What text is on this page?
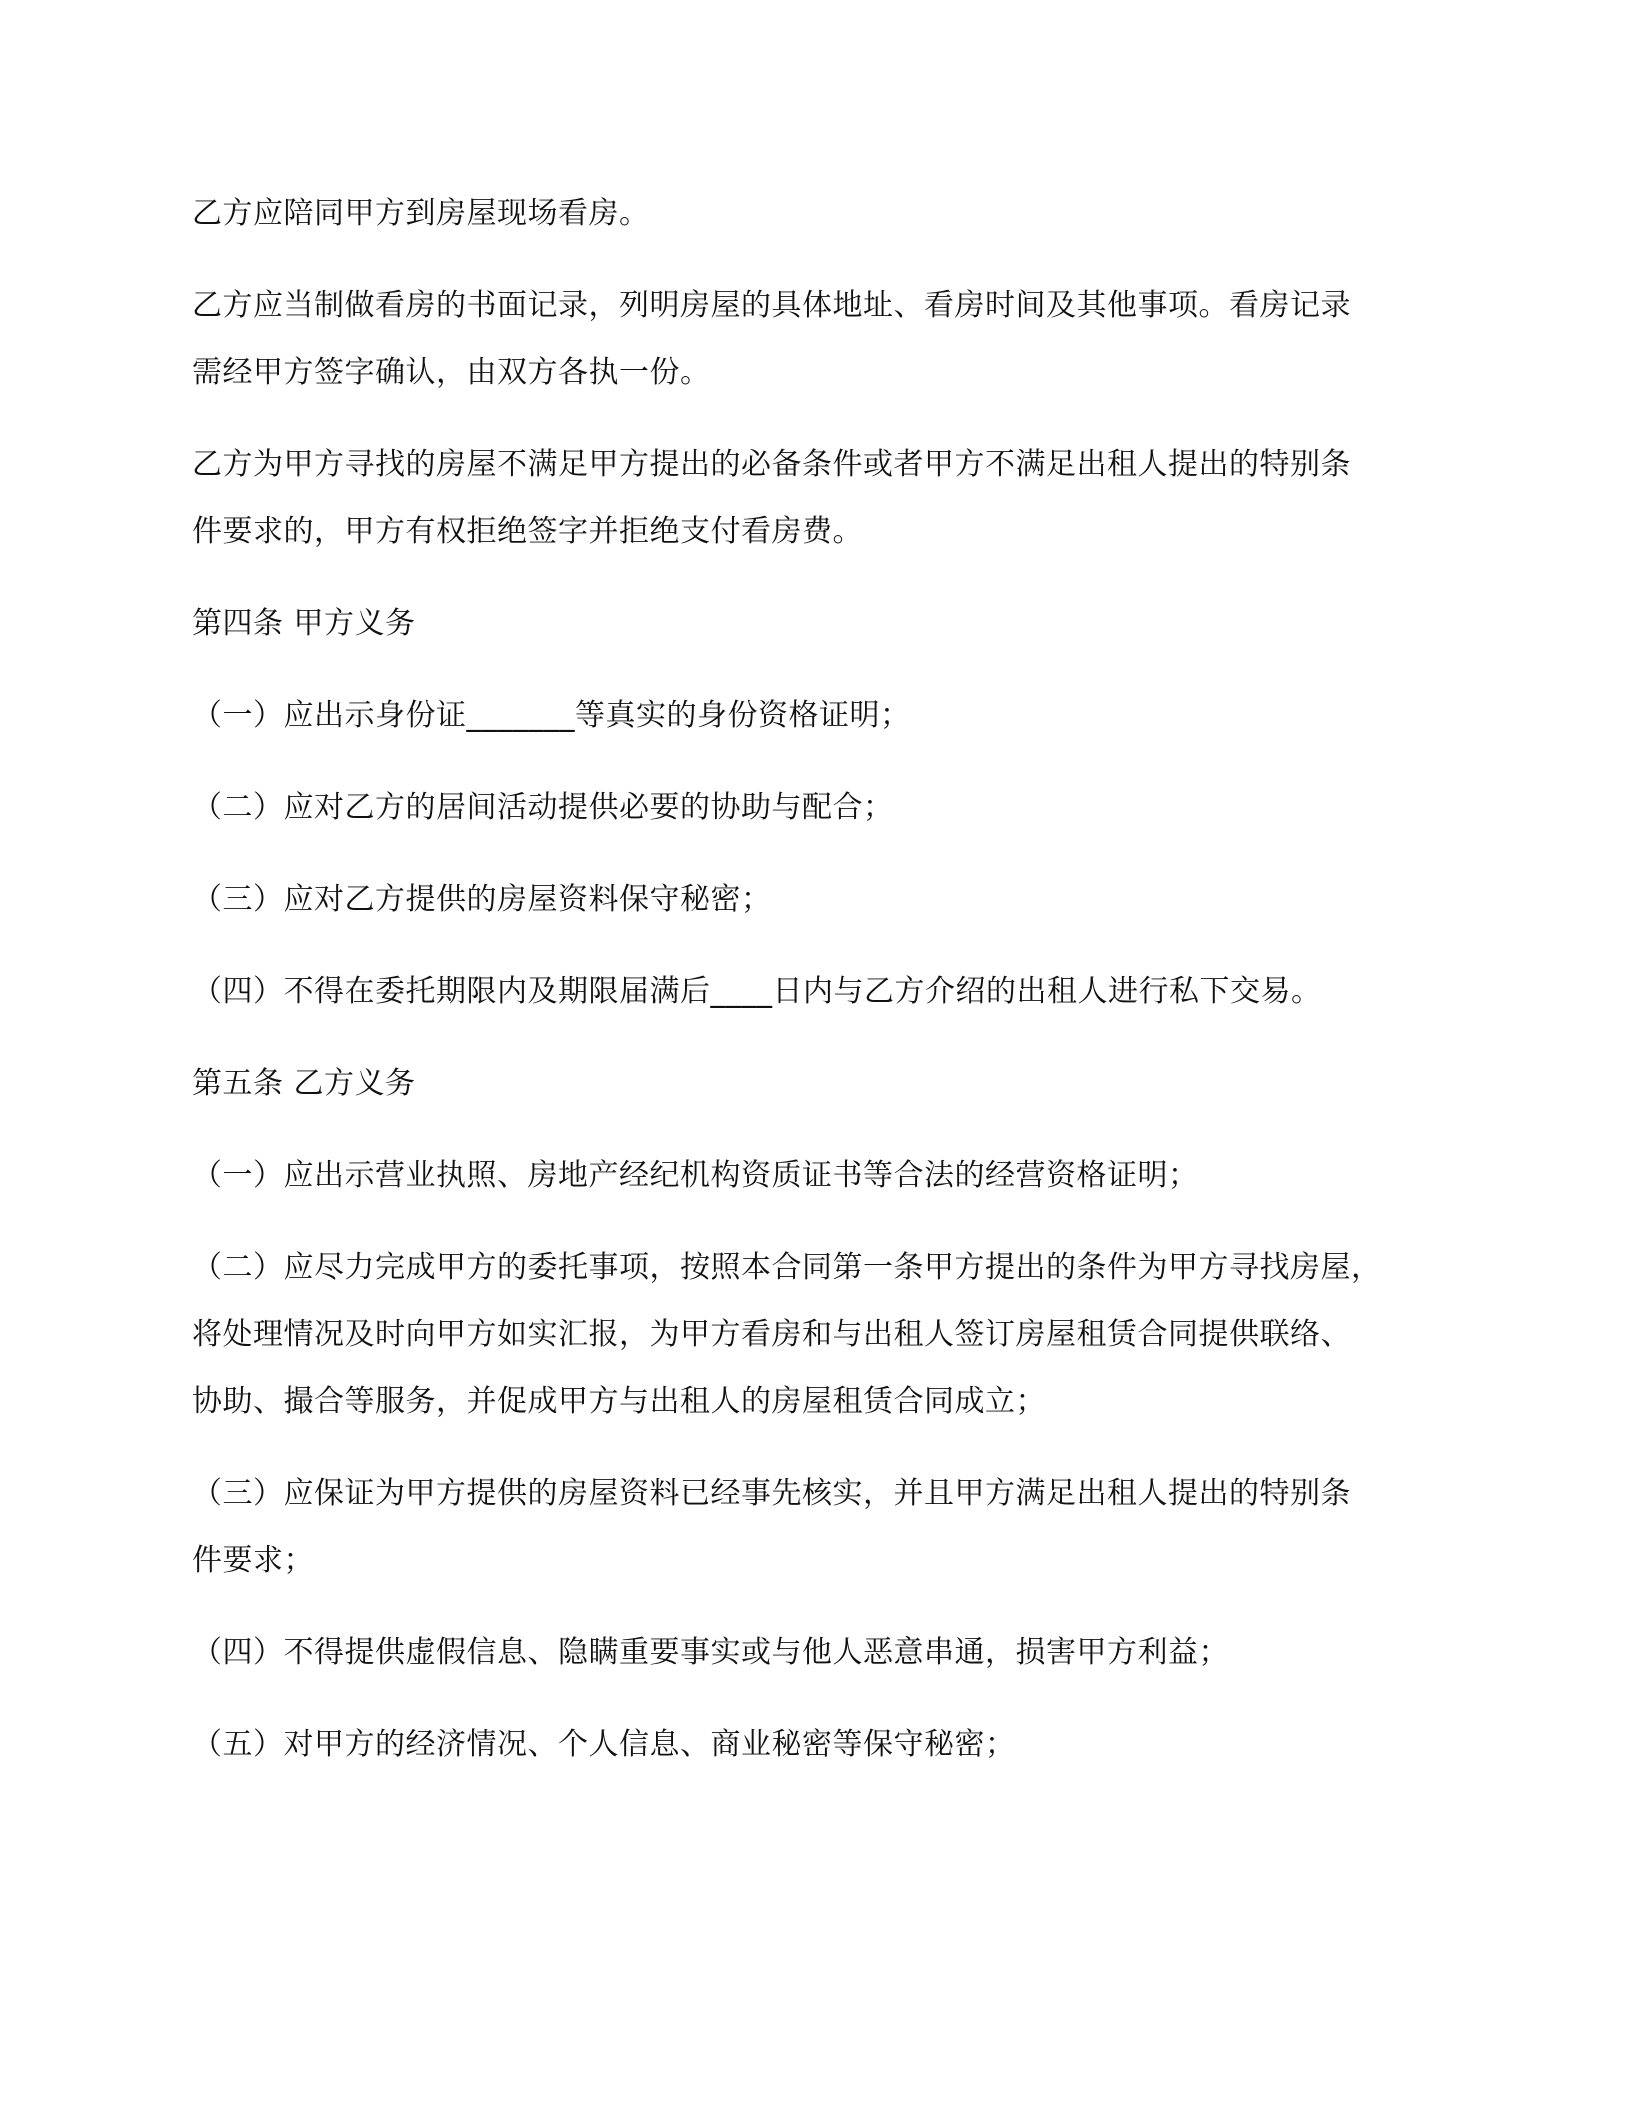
乙方应陪同甲方到房屋现场看房。

乙方应当制做看房的书面记录，列明房屋的具体地址、看房时间及其他事项。看房记录
需经甲方签字确认，由双方各执一份。

乙方为甲方寻找的房屋不满足甲方提出的必备条件或者甲方不满足出租人提出的特别条
件要求的，甲方有权拒绝签字并拒绝支付看房费。

第四条 甲方义务

（一）应出示身份证_______等真实的身份资格证明；

（二）应对乙方的居间活动提供必要的协助与配合；

（三）应对乙方提供的房屋资料保守秘密；

（四）不得在委托期限内及期限届满后____日内与乙方介绍的出租人进行私下交易。

第五条 乙方义务

（一）应出示营业执照、房地产经纪机构资质证书等合法的经营资格证明；

（二）应尽力完成甲方的委托事项，按照本合同第一条甲方提出的条件为甲方寻找房屋，
将处理情况及时向甲方如实汇报，为甲方看房和与出租人签订房屋租赁合同提供联络、
协助、撮合等服务，并促成甲方与出租人的房屋租赁合同成立；

（三）应保证为甲方提供的房屋资料已经事先核实，并且甲方满足出租人提出的特别条
件要求；

（四）不得提供虚假信息、隐瞒重要事实或与他人恶意串通，损害甲方利益；

（五）对甲方的经济情况、个人信息、商业秘密等保守秘密；
